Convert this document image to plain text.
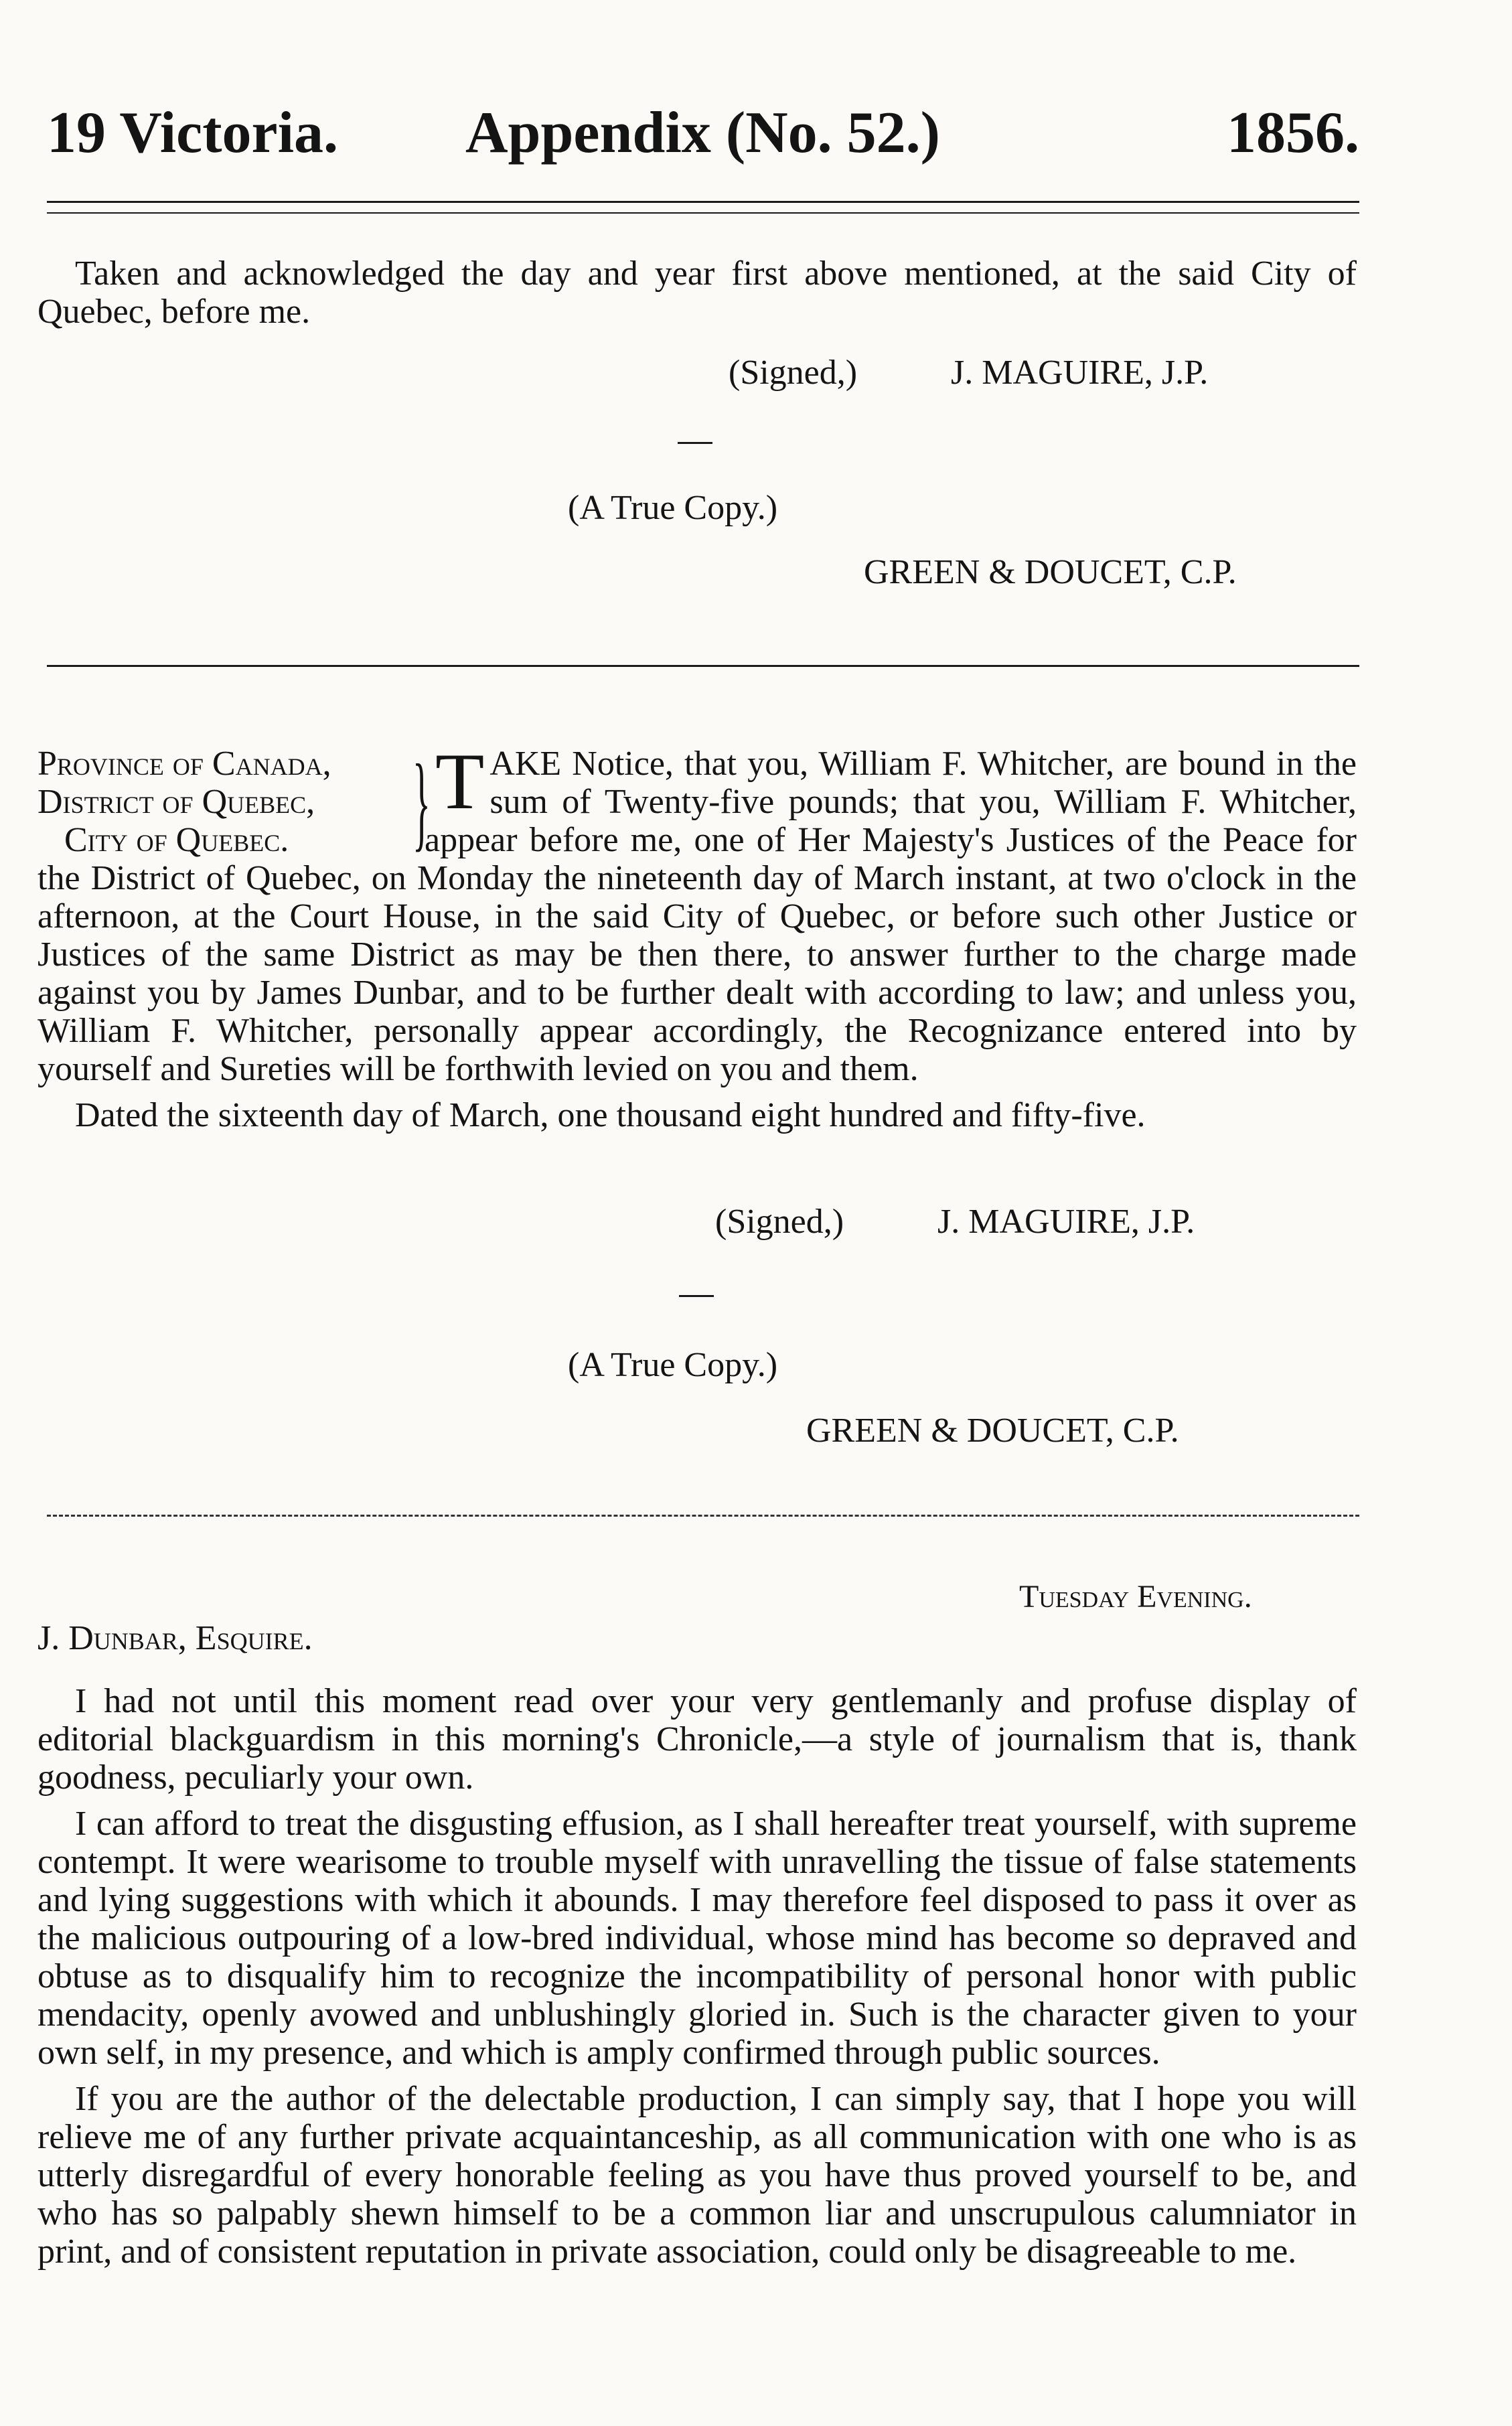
19 Victoria. Appendix (No. 52.)	1856.

Taken and acknowledged the day and year first above mentioned, at the said City of Quebec, before me.

(Signed,)	J. MAGUIRE, J.P.
(A True Copy.)
GREEN & DOUCET, C.P.
Province of Canada,
District of Quebec,
City of Quebec. } TAKE Notice, that you, William F. Whitcher, are bound in the sum of Twenty-five pounds; that you, William F. Whitcher, appear before me, one of Her Majesty's Justices of the Peace for the District of Quebec, on Monday the nineteenth day of March instant, at two o'clock in the afternoon, at the Court House, in the said City of Quebec, or before such other Justice or Justices of the same District as may be then there, to answer further to the charge made against you by James Dunbar, and to be further dealt with according to law; and unless you, William F. Whitcher, personally appear accordingly, the Recognizance entered into by yourself and Sureties will be forthwith levied on you and them.
Dated the sixteenth day of March, one thousand eight hundred and fifty-five.
(Signed,)	J. MAGUIRE, J.P.
(A True Copy.)
GREEN & DOUCET, C.P.
Tuesday Evening.
J. Dunbar, Esquire.

I had not until this moment read over your very gentlemanly and profuse display of editorial blackguardism in this morning's Chronicle,—a style of journalism that is, thank goodness, peculiarly your own.

I can afford to treat the disgusting effusion, as I shall hereafter treat yourself, with supreme contempt. It were wearisome to trouble myself with unravelling the tissue of false statements and lying suggestions with which it abounds. I may therefore feel disposed to pass it over as the malicious outpouring of a low-bred individual, whose mind has become so depraved and obtuse as to disqualify him to recognize the incompatibility of personal honor with public mendacity, openly avowed and unblushingly gloried in. Such is the character given to your own self, in my presence, and which is amply confirmed through public sources.

If you are the author of the delectable production, I can simply say, that I hope you will relieve me of any further private acquaintanceship, as all communication with one who is as utterly disregardful of every honorable feeling as you have thus proved yourself to be, and who has so palpably shewn himself to be a common liar and unscrupulous calumniator in print, and of consistent reputation in private association, could only be disagreeable to me.
